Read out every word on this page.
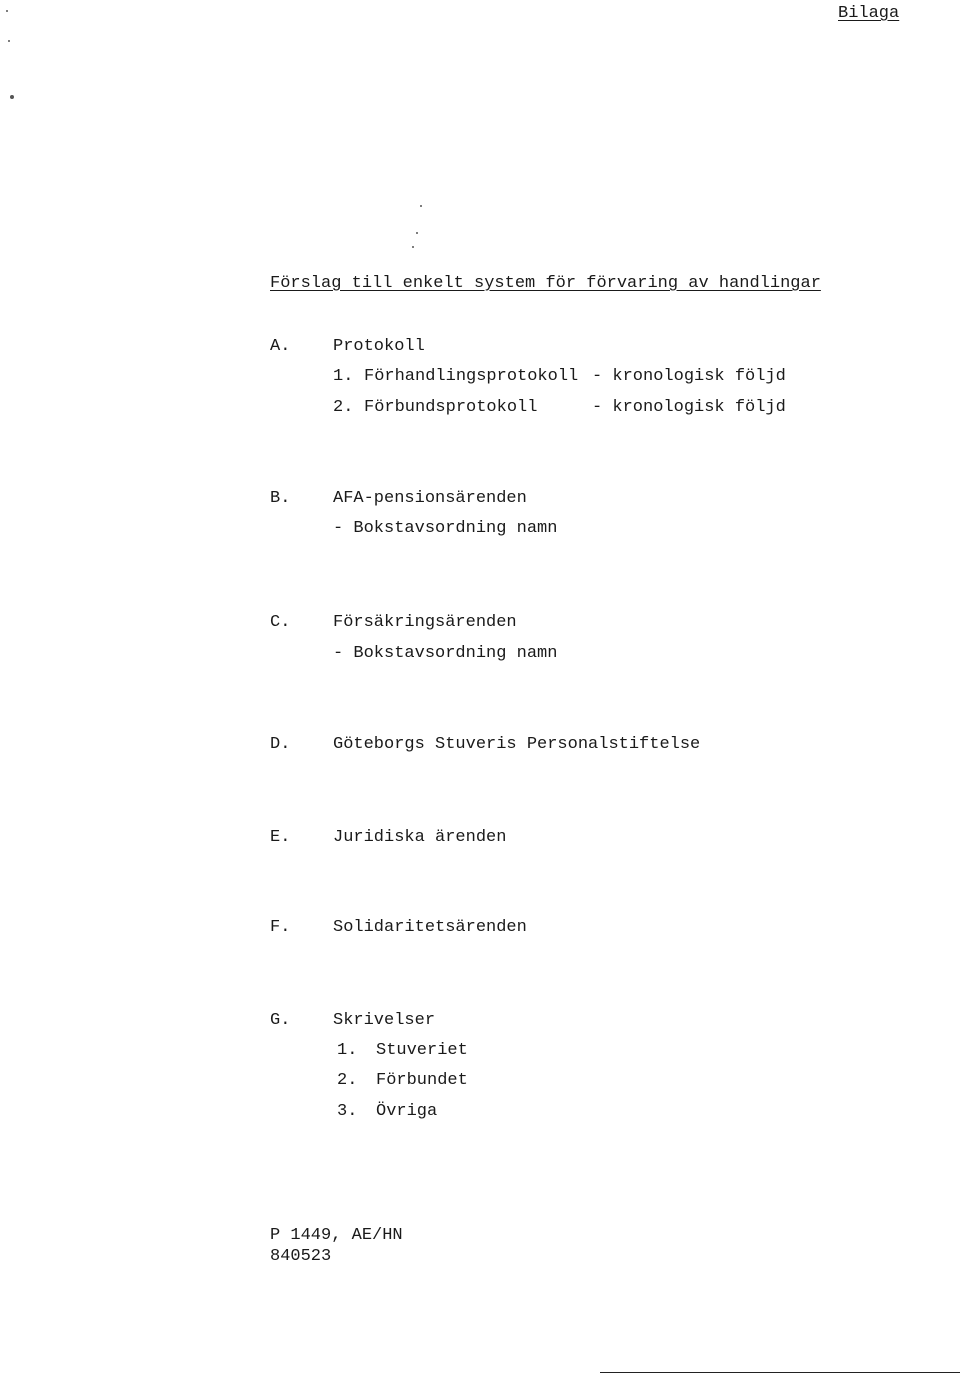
Bilaga
Förslag till enkelt system för förvaring av handlingar
A.	Protokoll
1. Förhandlingsprotokoll - kronologisk följd
2. Förbundsprotokoll	- kronologisk följd
B.	AFA-pensionsärenden
- Bokstavsordning namn
C.	Försäkringsärenden
- Bokstavsordning namn
D.	Göteborgs Stuveris Personalstiftelse
E.	Juridiska ärenden
F.	Solidaritetsärenden
G.	Skrivelser
1. Stuveriet
2. Förbundet
3. Övriga
P 1449, AE/HN
840523
